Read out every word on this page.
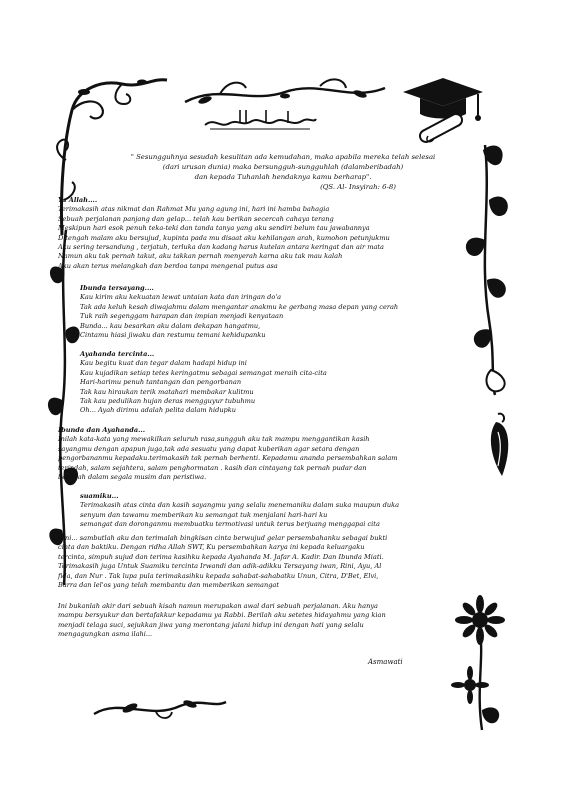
" Sesungguhnya sesudah kesulitan ada kemudahan, maka apabila mereka telah selesai
(dari urusan dunia) maka bersungguh-sungguhlah (dalamberibadah)
dan kepada Tuhanlah hendaknya kamu berharap".
(QS. Al- Insyirah: 6-8)
Ya Allah....
Terimakasih atas nikmat dan Rahmat Mu yang agung ini, hari ini hamba bahagia
Sebuah perjalanan panjang dan gelap... telah kau berikan secercah cahaya terang
Meskipun hari esok penuh teka-teki dan tanda tanya yang aku sendiri belum tau jawabannya
Ditengah malam aku bersujud, kupinta pada mu disaat aku kehilangan arah, kumohon petunjukmu
Aku sering tersandung , terjatuh, terluka dan kadang harus kutelan antara keringat dan air mata
Namun aku tak pernah takut, aku takkan pernah menyerah karna aku tak mau kalah
Aku akan terus melangkah dan berdoa tanpa mengenal putus asa
Ibunda tersayang....
Kau kirim aku kekuatan lewat untaian kata dan iringan do'a
Tak ada keluh kesah diwajahmu dalam mengantar anakmu ke gerbang masa depan yang cerah
Tuk raih segenggam harapan dan impian menjadi kenyataan
Bunda... kau besarkan aku dalam dekapan hangatmu,
Cintamu hiasi jiwaku dan restumu temani kehidupanku
Ayahanda tercinta...
Kau begitu kuat dan tegar dalam hadapi hidup ini
Kau kujadikan setiap tetes keringatmu sebagai semangat meraih cita-cita
Hari-harimu penuh tantangan dan pengorbanan
Tak kau hiraukan terik matahari membakar kulitmu
Tak kau pedulikan hujan deras mengguyur tubuhmu
Oh... Ayah dirimu adalah pelita dalam hidupku
Ibunda dan Ayahanda...
Inilah kata-kata yang mewakilkan seluruh rasa,sungguh aku tak mampu menggantikan kasih
sayangmu dengan apapun juga,tak ada sesuatu yang dapat kuberikan agar setara dengan
pengorbananmu kepadaku.terimakasih tak pernah berhenti. Kepadamu ananda persembahkan salam
terindah, salam sejahtera, salam penghormatan . kasih dan cintayang tak pernah pudar dan
berubah dalam segala musim dan peristiwa.
suamiku...
Terimakasih atas cinta dan kasih sayangmu yang selalu menemaniku dalam suka maupun duka
senyum dan tawamu memberikan ku semangat tuk menjalani hari-hari ku
semangat dan doronganmu membuatku termotivasi untuk terus berjuang menggapai cita
Kini... sambutlah aku dan terimalah bingkisan cinta berwujud gelar persembahanku sebagai bukti
cinta dan baktiku. Dengan ridha Allah SWT, Ku persembahkan karya ini kepada keluargaku
tercinta, simpuh sujud dan terima kasihku kepada Ayahanda M. Jafar A. Kadir. Dan Ibunda Miati.
Terimakasih juga Untuk Suamiku tercinta Irwandi dan adik-adikku Tersayang iwan, Rini, Ayu, Al
fida, dan Nur . Tak lupa pula terimakasihku kepada sahabat-sahabatku Unun, Citra, D'Bet, Elvi,
Barra dan lel'os yang telah membantu dan memberikan semangat
Ini bukanlah akir dari sebuah kisah namun merupakan awal dari sebuah perjalanan. Aku hanya
mampu bersyukur dan bertafakkur kepadamu ya Rabbi. Berilah aku setetes hidayahmu yang kian
menjadi telaga suci, sejukkan jiwa yang merontang jalani hidup ini dengan hati yang selalu
mengagungkan asma ilahi...
Asmawati
